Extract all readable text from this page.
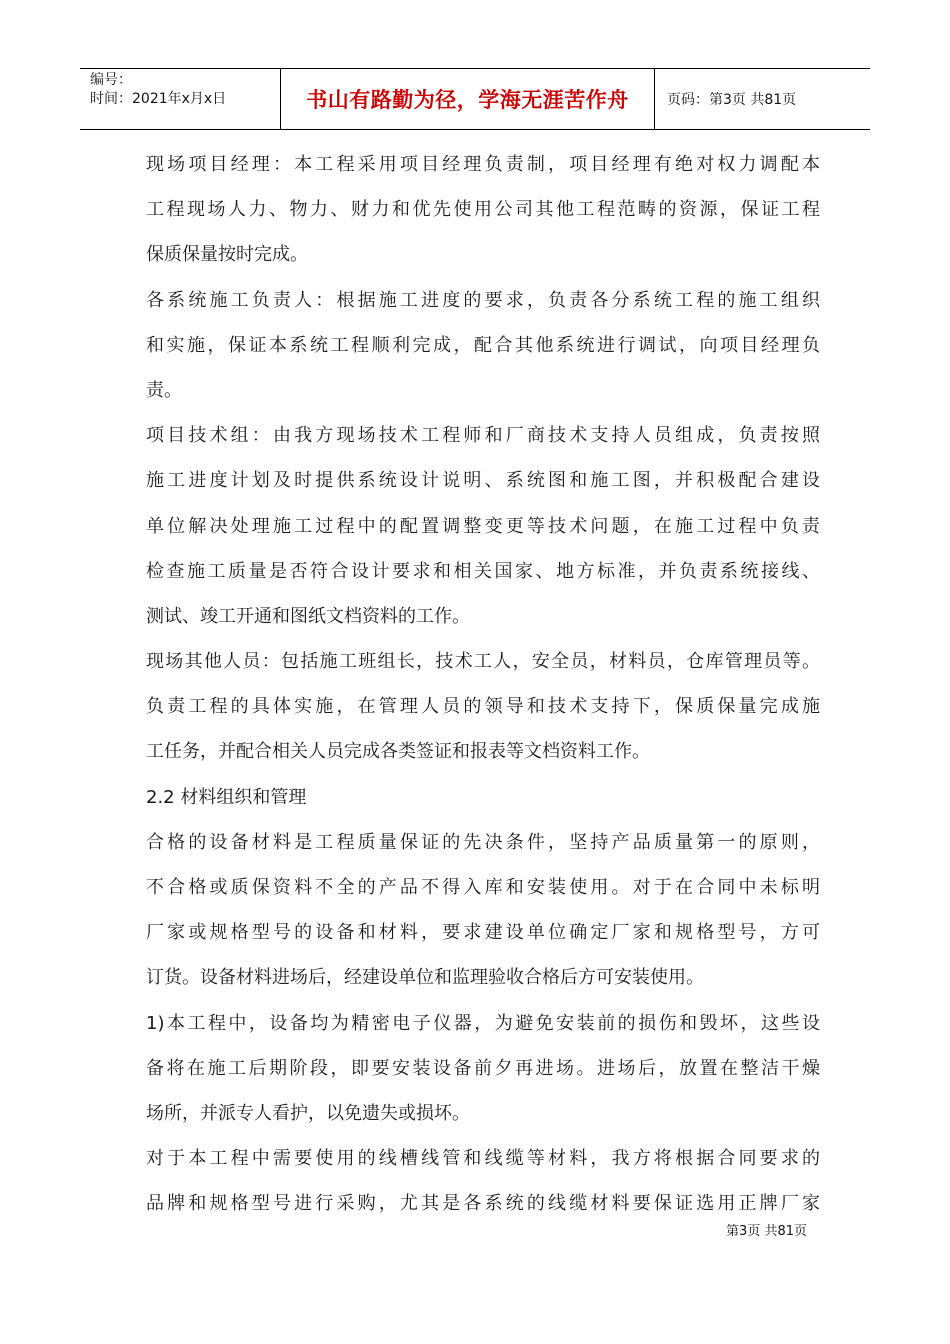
编号：
时间：2021年x月x日	书山有路勤为径，学海无涯苦作舟	页码：第3页 共81页
现场项目经理：本工程采用项目经理负责制，项目经理有绝对权力调配本
工程现场人力、物力、财力和优先使用公司其他工程范畴的资源，保证工程
保质保量按时完成。
各系统施工负责人：根据施工进度的要求，负责各分系统工程的施工组织
和实施，保证本系统工程顺利完成，配合其他系统进行调试，向项目经理负
责。
项目技术组：由我方现场技术工程师和厂商技术支持人员组成，负责按照
施工进度计划及时提供系统设计说明、系统图和施工图，并积极配合建设
单位解决处理施工过程中的配置调整变更等技术问题，在施工过程中负责
检查施工质量是否符合设计要求和相关国家、地方标准，并负责系统接线、
测试、竣工开通和图纸文档资料的工作。
现场其他人员：包括施工班组长，技术工人，安全员，材料员，仓库管理员等。
负责工程的具体实施，在管理人员的领导和技术支持下，保质保量完成施
工任务，并配合相关人员完成各类签证和报表等文档资料工作。
2.2 材料组织和管理
合格的设备材料是工程质量保证的先决条件，坚持产品质量第一的原则，
不合格或质保资料不全的产品不得入库和安装使用。对于在合同中未标明
厂家或规格型号的设备和材料，要求建设单位确定厂家和规格型号，方可
订货。设备材料进场后，经建设单位和监理验收合格后方可安装使用。
1)本工程中，设备均为精密电子仪器，为避免安装前的损伤和毁坏，这些设
备将在施工后期阶段，即要安装设备前夕再进场。进场后，放置在整洁干燥
场所，并派专人看护，以免遗失或损坏。
对于本工程中需要使用的线槽线管和线缆等材料，我方将根据合同要求的
品牌和规格型号进行采购，尤其是各系统的线缆材料要保证选用正牌厂家
第3页 共81页
